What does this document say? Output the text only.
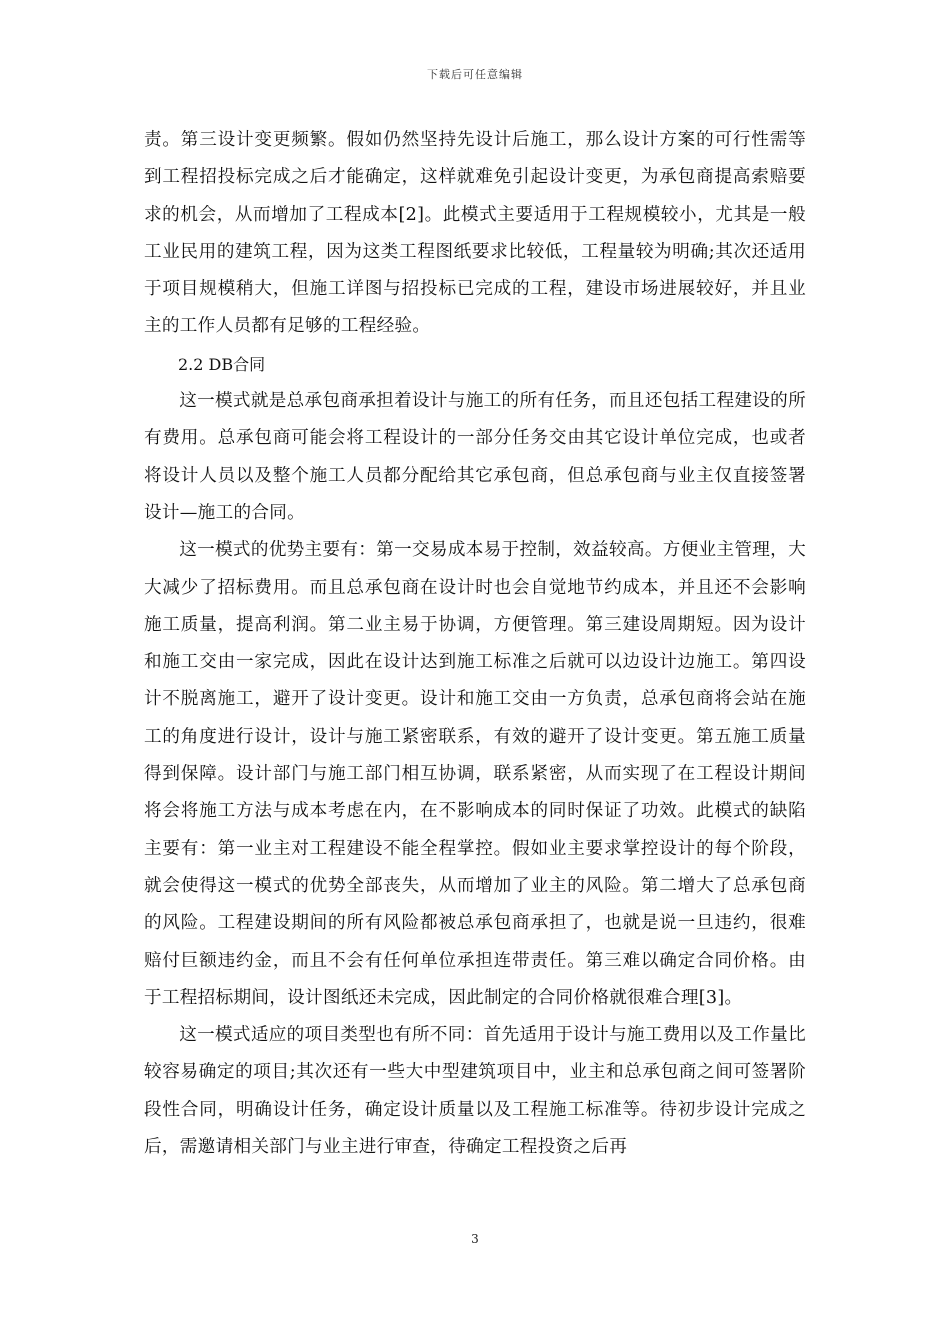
下载后可任意编辑

责。第三设计变更频繁。假如仍然坚持先设计后施工，那么设计方案的可行性需等到工程招投标完成之后才能确定，这样就难免引起设计变更，为承包商提高索赔要求的机会，从而增加了工程成本[2]。此模式主要适用于工程规模较小，尤其是一般工业民用的建筑工程，因为这类工程图纸要求比较低，工程量较为明确;其次还适用于项目规模稍大，但施工详图与招投标已完成的工程，建设市场进展较好，并且业主的工作人员都有足够的工程经验。

2.2 DB合同

这一模式就是总承包商承担着设计与施工的所有任务，而且还包括工程建设的所有费用。总承包商可能会将工程设计的一部分任务交由其它设计单位完成，也或者将设计人员以及整个施工人员都分配给其它承包商，但总承包商与业主仅直接签署设计—施工的合同。

这一模式的优势主要有：第一交易成本易于控制，效益较高。方便业主管理，大大减少了招标费用。而且总承包商在设计时也会自觉地节约成本，并且还不会影响施工质量，提高利润。第二业主易于协调，方便管理。第三建设周期短。因为设计和施工交由一家完成，因此在设计达到施工标准之后就可以边设计边施工。第四设计不脱离施工，避开了设计变更。设计和施工交由一方负责，总承包商将会站在施工的角度进行设计，设计与施工紧密联系，有效的避开了设计变更。第五施工质量得到保障。设计部门与施工部门相互协调，联系紧密，从而实现了在工程设计期间将会将施工方法与成本考虑在内，在不影响成本的同时保证了功效。此模式的缺陷主要有：第一业主对工程建设不能全程掌控。假如业主要求掌控设计的每个阶段，就会使得这一模式的优势全部丧失，从而增加了业主的风险。第二增大了总承包商的风险。工程建设期间的所有风险都被总承包商承担了，也就是说一旦违约，很难赔付巨额违约金，而且不会有任何单位承担连带责任。第三难以确定合同价格。由于工程招标期间，设计图纸还未完成，因此制定的合同价格就很难合理[3]。

这一模式适应的项目类型也有所不同：首先适用于设计与施工费用以及工作量比较容易确定的项目;其次还有一些大中型建筑项目中，业主和总承包商之间可签署阶段性合同，明确设计任务，确定设计质量以及工程施工标准等。待初步设计完成之后，需邀请相关部门与业主进行审查，待确定工程投资之后再

3
